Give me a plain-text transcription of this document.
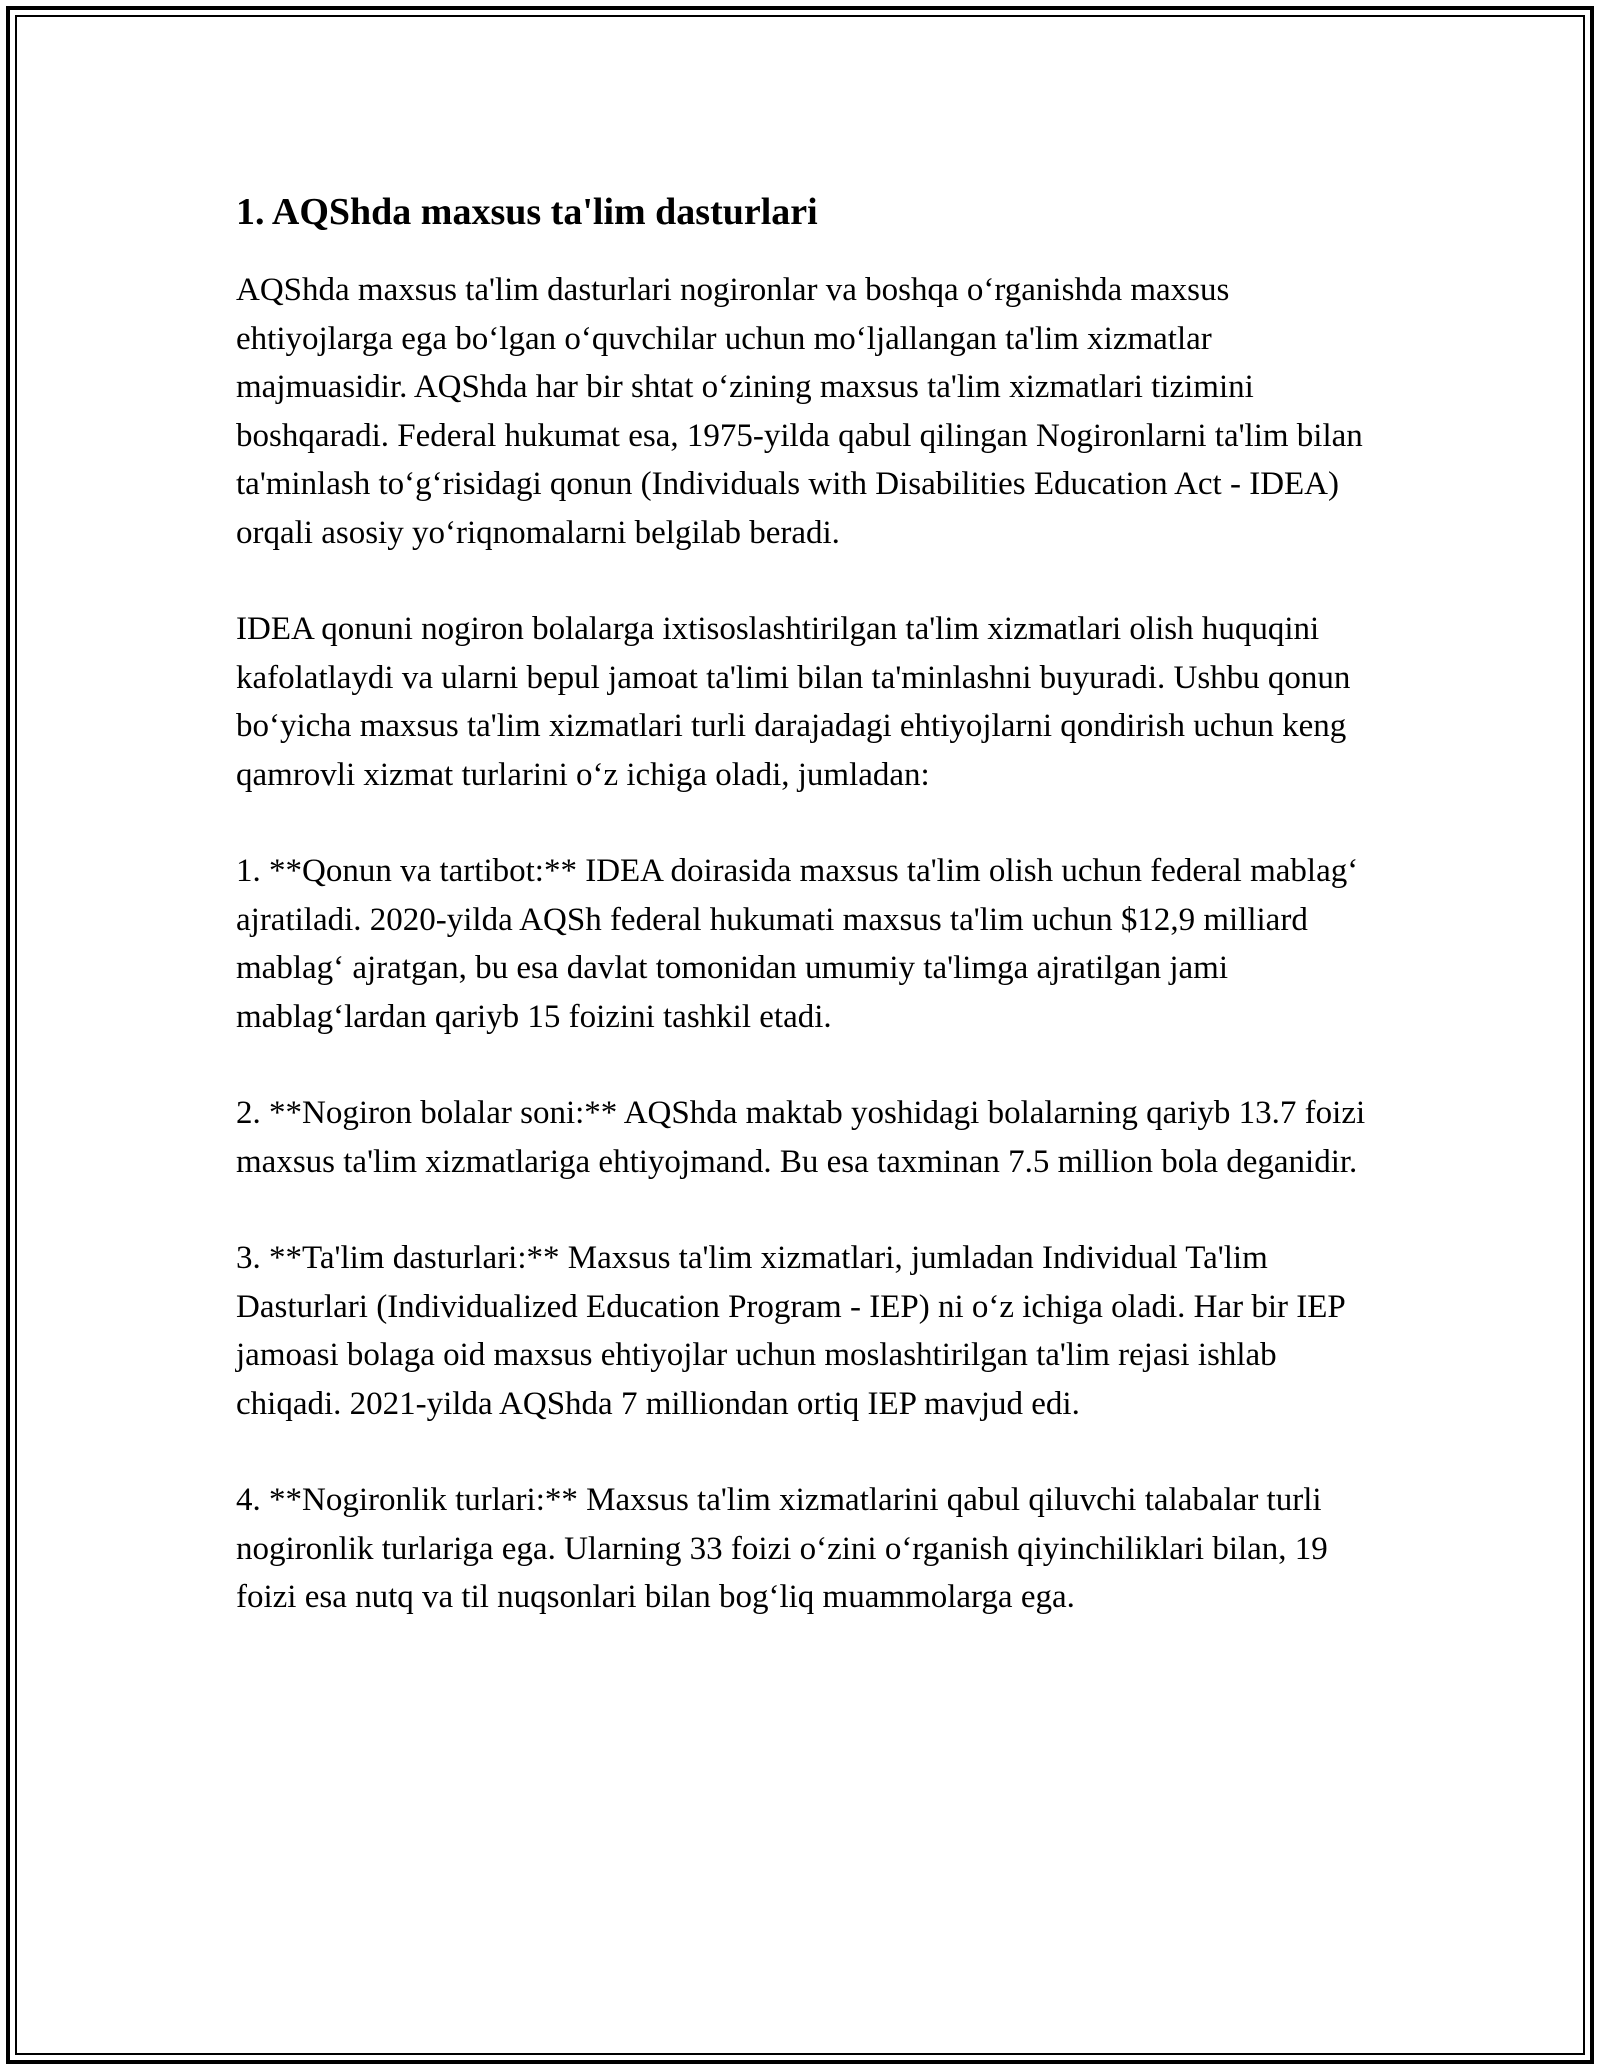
1. AQShda maxsus ta'lim dasturlari

AQShda maxsus ta'lim dasturlari nogironlar va boshqa o‘rganishda maxsus ehtiyojlarga ega bo‘lgan o‘quvchilar uchun mo‘ljallangan ta'lim xizmatlar majmuasidir. AQShda har bir shtat o‘zining maxsus ta'lim xizmatlari tizimini boshqaradi. Federal hukumat esa, 1975-yilda qabul qilingan Nogironlarni ta'lim bilan ta'minlash to‘g‘risidagi qonun (Individuals with Disabilities Education Act - IDEA) orqali asosiy yo‘riqnomalarni belgilab beradi.

IDEA qonuni nogiron bolalarga ixtisoslashtirilgan ta'lim xizmatlari olish huquqini kafolatlaydi va ularni bepul jamoat ta'limi bilan ta'minlashni buyuradi. Ushbu qonun bo‘yicha maxsus ta'lim xizmatlari turli darajadagi ehtiyojlarni qondirish uchun keng qamrovli xizmat turlarini o‘z ichiga oladi, jumladan:

1. **Qonun va tartibot:** IDEA doirasida maxsus ta'lim olish uchun federal mablag‘ ajratiladi. 2020-yilda AQSh federal hukumati maxsus ta'lim uchun $12,9 milliard mablag‘ ajratgan, bu esa davlat tomonidan umumiy ta'limga ajratilgan jami mablag‘lardan qariyb 15 foizini tashkil etadi.

2. **Nogiron bolalar soni:** AQShda maktab yoshidagi bolalarning qariyb 13.7 foizi maxsus ta'lim xizmatlariga ehtiyojmand. Bu esa taxminan 7.5 million bola deganidir.

3. **Ta'lim dasturlari:** Maxsus ta'lim xizmatlari, jumladan Individual Ta'lim Dasturlari (Individualized Education Program - IEP) ni o‘z ichiga oladi. Har bir IEP jamoasi bolaga oid maxsus ehtiyojlar uchun moslashtirilgan ta'lim rejasi ishlab chiqadi. 2021-yilda AQShda 7 milliondan ortiq IEP mavjud edi.

4. **Nogironlik turlari:** Maxsus ta'lim xizmatlarini qabul qiluvchi talabalar turli nogironlik turlariga ega. Ularning 33 foizi o‘zini o‘rganish qiyinchiliklari bilan, 19 foizi esa nutq va til nuqsonlari bilan bog‘liq muammolarga ega.
